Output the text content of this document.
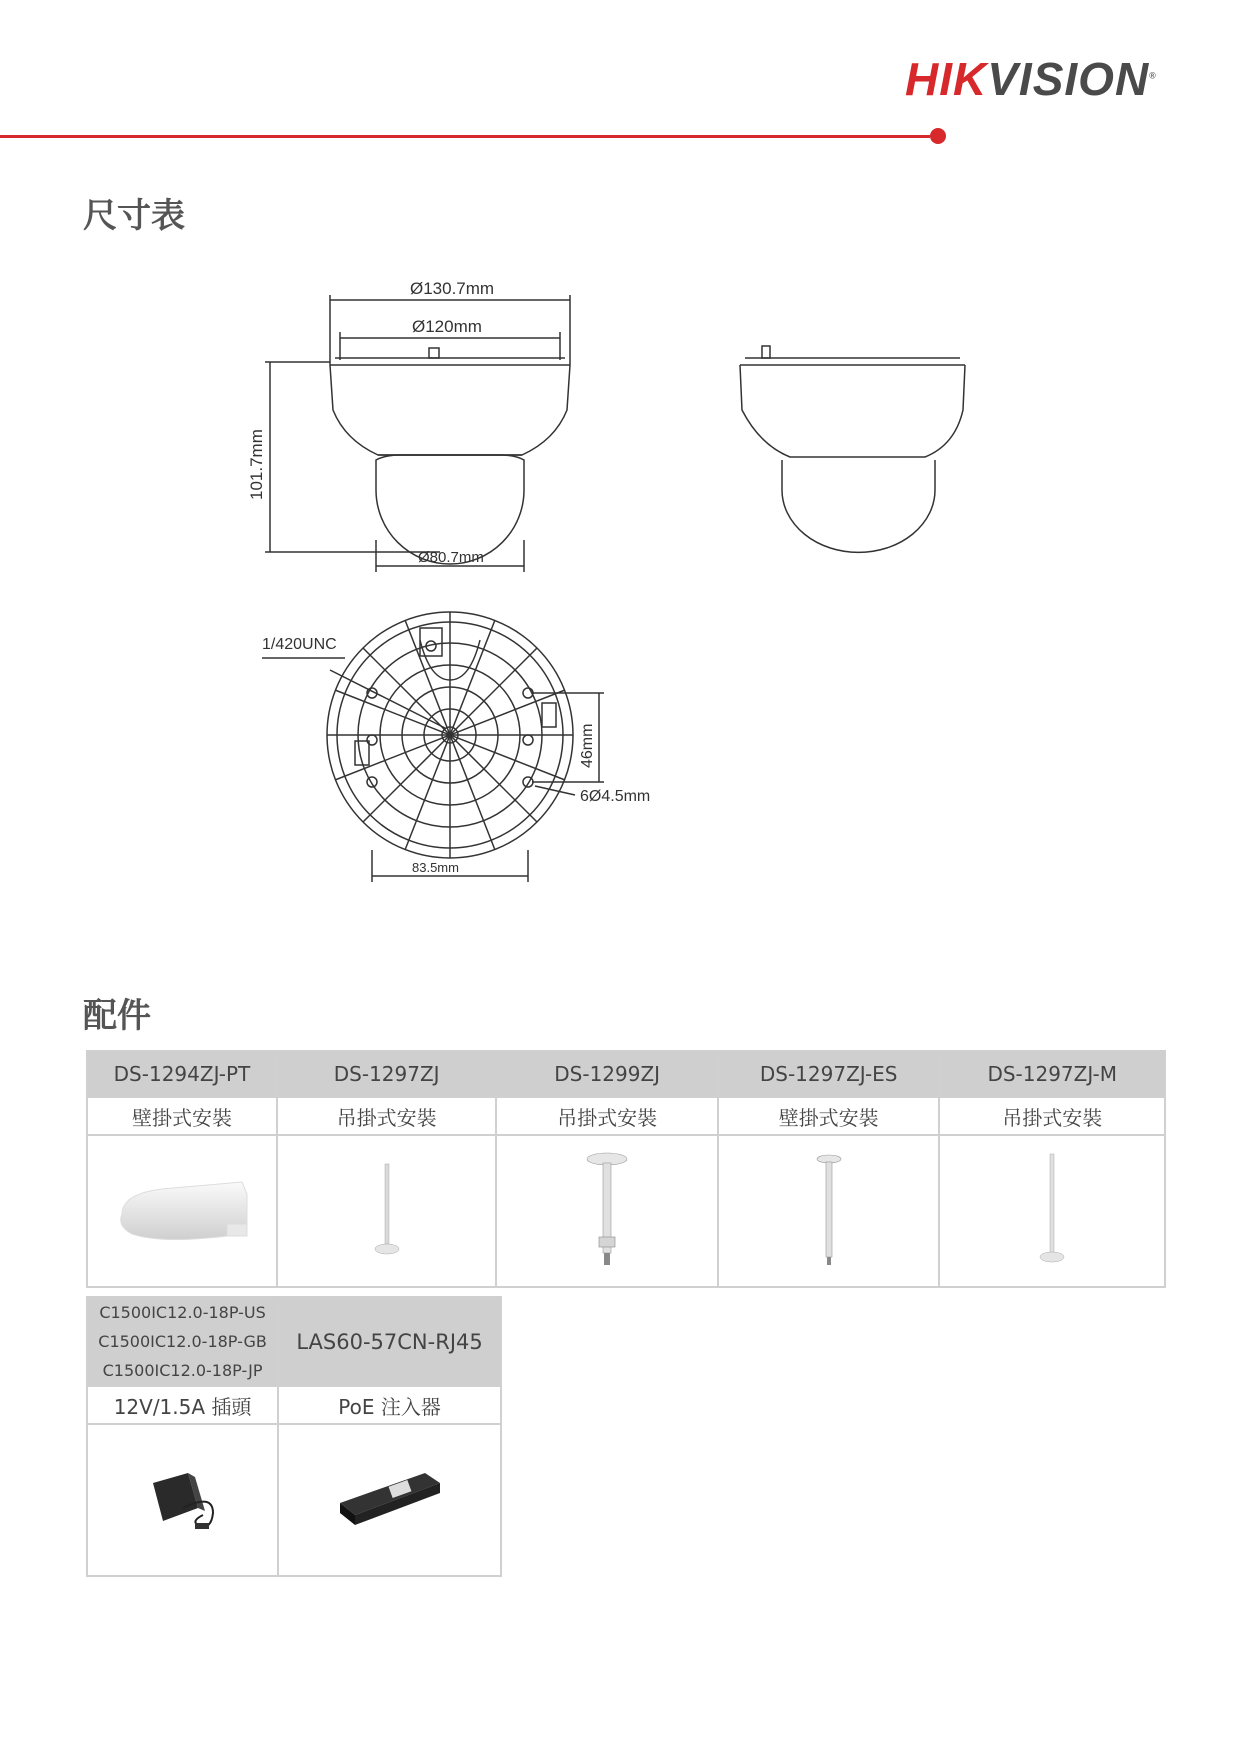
HIKVISION®
尺寸表
Ø130.7mm
Ø120mm
101.7mm
Ø80.7mm
1/420UNC
46mm
6Ø4.5mm
83.5mm
配件
DS-1294ZJ-PT	DS-1297ZJ	DS-1299ZJ	DS-1297ZJ-ES	DS-1297ZJ-M
壁掛式安裝	吊掛式安裝	吊掛式安裝	壁掛式安裝	吊掛式安裝

C1500IC12.0-18P-US
C1500IC12.0-18P-GB
C1500IC12.0-18P-JP	LAS60-57CN-RJ45
12V/1.5A 插頭	PoE 注入器
